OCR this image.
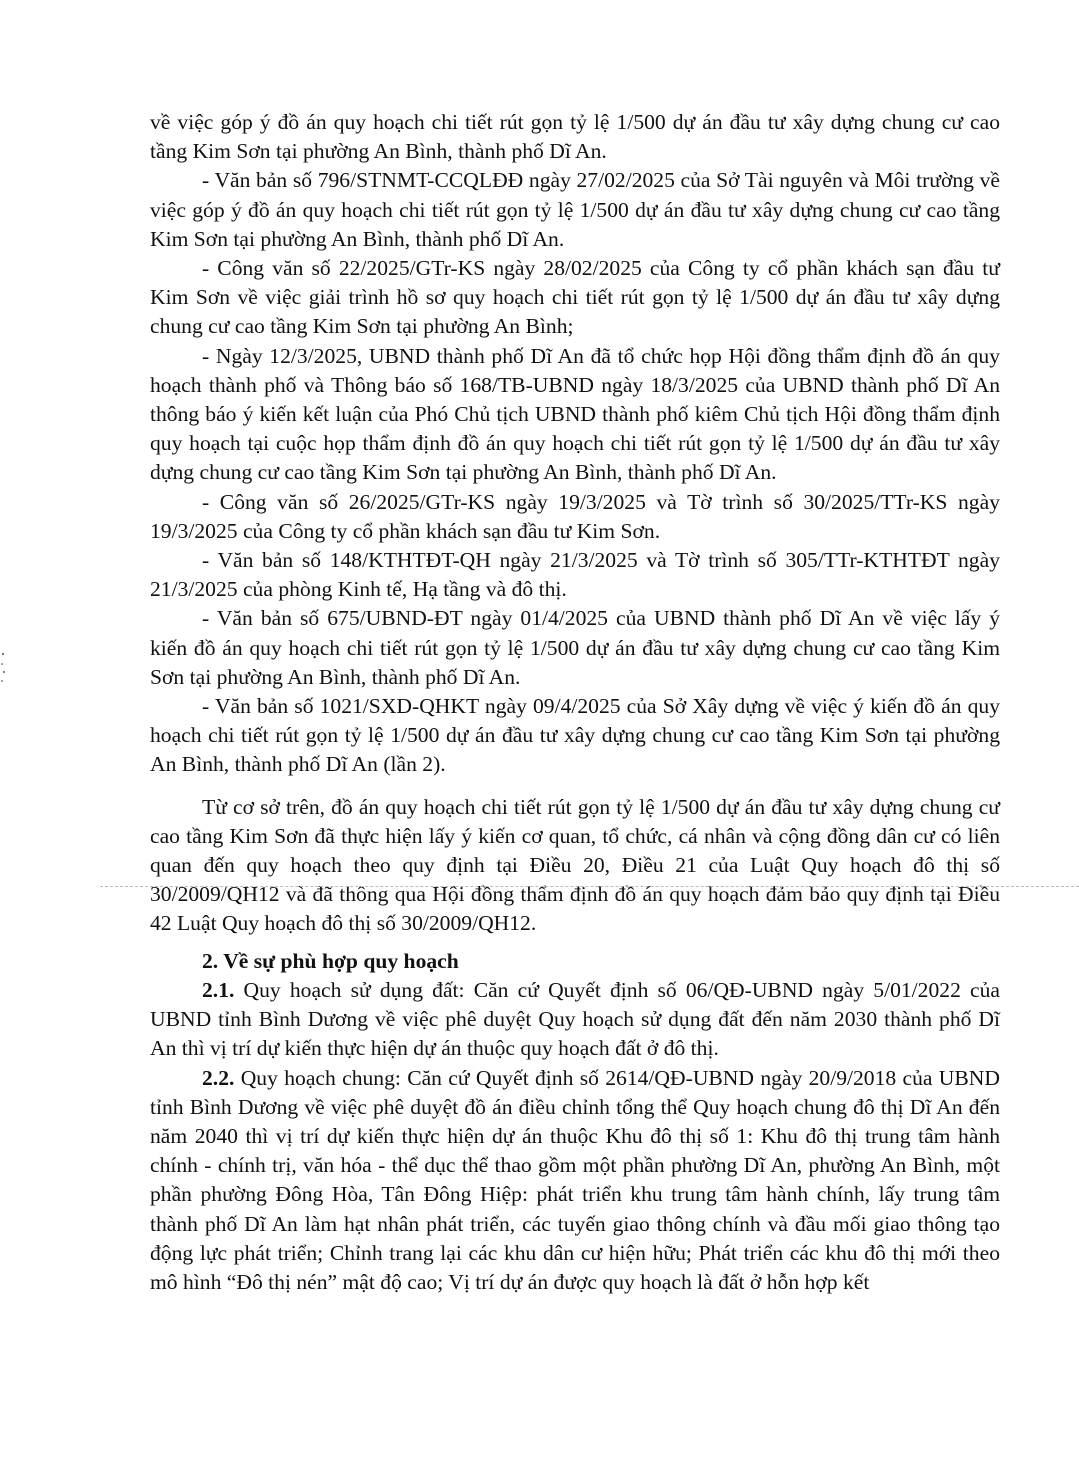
về việc góp ý đồ án quy hoạch chi tiết rút gọn tỷ lệ 1/500 dự án đầu tư xây dựng chung cư cao tầng Kim Sơn tại phường An Bình, thành phố Dĩ An.

- Văn bản số 796/STNMT-CCQLĐĐ ngày 27/02/2025 của Sở Tài nguyên và Môi trường về việc góp ý đồ án quy hoạch chi tiết rút gọn tỷ lệ 1/500 dự án đầu tư xây dựng chung cư cao tầng Kim Sơn tại phường An Bình, thành phố Dĩ An.

- Công văn số 22/2025/GTr-KS ngày 28/02/2025 của Công ty cổ phần khách sạn đầu tư Kim Sơn về việc giải trình hồ sơ quy hoạch chi tiết rút gọn tỷ lệ 1/500 dự án đầu tư xây dựng chung cư cao tầng Kim Sơn tại phường An Bình;

- Ngày 12/3/2025, UBND thành phố Dĩ An đã tổ chức họp Hội đồng thẩm định đồ án quy hoạch thành phố và Thông báo số 168/TB-UBND ngày 18/3/2025 của UBND thành phố Dĩ An thông báo ý kiến kết luận của Phó Chủ tịch UBND thành phố kiêm Chủ tịch Hội đồng thẩm định quy hoạch tại cuộc họp thẩm định đồ án quy hoạch chi tiết rút gọn tỷ lệ 1/500 dự án đầu tư xây dựng chung cư cao tầng Kim Sơn tại phường An Bình, thành phố Dĩ An.

- Công văn số 26/2025/GTr-KS ngày 19/3/2025 và Tờ trình số 30/2025/TTr-KS ngày 19/3/2025 của Công ty cổ phần khách sạn đầu tư Kim Sơn.

- Văn bản số 148/KTHTĐT-QH ngày 21/3/2025 và Tờ trình số 305/TTr-KTHTĐT ngày 21/3/2025 của phòng Kinh tế, Hạ tầng và đô thị.

- Văn bản số 675/UBND-ĐT ngày 01/4/2025 của UBND thành phố Dĩ An về việc lấy ý kiến đồ án quy hoạch chi tiết rút gọn tỷ lệ 1/500 dự án đầu tư xây dựng chung cư cao tầng Kim Sơn tại phường An Bình, thành phố Dĩ An.

- Văn bản số 1021/SXD-QHKT ngày 09/4/2025 của Sở Xây dựng về việc ý kiến đồ án quy hoạch chi tiết rút gọn tỷ lệ 1/500 dự án đầu tư xây dựng chung cư cao tầng Kim Sơn tại phường An Bình, thành phố Dĩ An (lần 2).

Từ cơ sở trên, đồ án quy hoạch chi tiết rút gọn tỷ lệ 1/500 dự án đầu tư xây dựng chung cư cao tầng Kim Sơn đã thực hiện lấy ý kiến cơ quan, tổ chức, cá nhân và cộng đồng dân cư có liên quan đến quy hoạch theo quy định tại Điều 20, Điều 21 của Luật Quy hoạch đô thị số 30/2009/QH12 và đã thông qua Hội đồng thẩm định đồ án quy hoạch đảm bảo quy định tại Điều 42 Luật Quy hoạch đô thị số 30/2009/QH12.

2. Về sự phù hợp quy hoạch

2.1. Quy hoạch sử dụng đất: Căn cứ Quyết định số 06/QĐ-UBND ngày 5/01/2022 của UBND tỉnh Bình Dương về việc phê duyệt Quy hoạch sử dụng đất đến năm 2030 thành phố Dĩ An thì vị trí dự kiến thực hiện dự án thuộc quy hoạch đất ở đô thị.

2.2. Quy hoạch chung: Căn cứ Quyết định số 2614/QĐ-UBND ngày 20/9/2018 của UBND tỉnh Bình Dương về việc phê duyệt đồ án điều chỉnh tổng thể Quy hoạch chung đô thị Dĩ An đến năm 2040 thì vị trí dự kiến thực hiện dự án thuộc Khu đô thị số 1: Khu đô thị trung tâm hành chính - chính trị, văn hóa - thể dục thể thao gồm một phần phường Dĩ An, phường An Bình, một phần phường Đông Hòa, Tân Đông Hiệp: phát triển khu trung tâm hành chính, lấy trung tâm thành phố Dĩ An làm hạt nhân phát triển, các tuyến giao thông chính và đầu mối giao thông tạo động lực phát triển; Chỉnh trang lại các khu dân cư hiện hữu; Phát triển các khu đô thị mới theo mô hình “Đô thị nén” mật độ cao; Vị trí dự án được quy hoạch là đất ở hỗn hợp kết
